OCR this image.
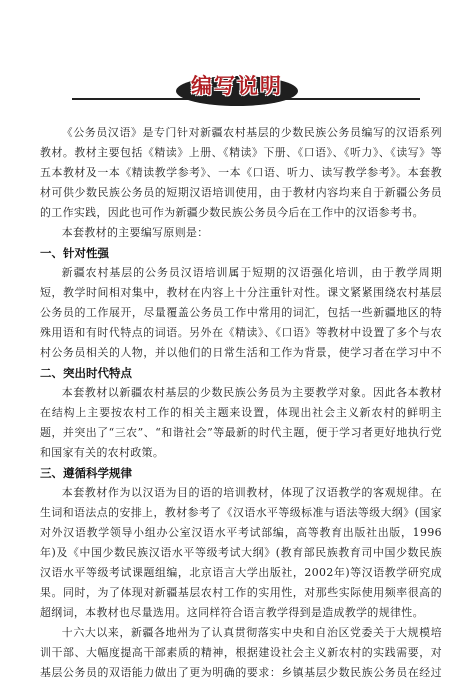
编写说明

《公务员汉语》是专门针对新疆农村基层的少数民族公务员编写的汉语系列教材。教材主要包括《精读》上册、《精读》下册、《口语》、《听力》、《读写》等五本教材及一本《精读教学参考》、一本《口语、听力、读写教学参考》。本套教材可供少数民族公务员的短期汉语培训使用，由于教材内容均来自于新疆公务员的工作实践，因此也可作为新疆少数民族公务员今后在工作中的汉语参考书。

本套教材的主要编写原则是：

一、针对性强

新疆农村基层的公务员汉语培训属于短期的汉语强化培训，由于教学周期短，教学时间相对集中，教材在内容上十分注重针对性。课文紧紧围绕农村基层公务员的工作展开，尽量覆盖公务员工作中常用的词汇，包括一些新疆地区的特殊用语和有时代特点的词语。另外在《精读》、《口语》等教材中设置了多个与农村公务员相关的人物，并以他们的日常生活和工作为背景，使学习者在学习中不

二、突出时代特点

本套教材以新疆农村基层的少数民族公务员为主要教学对象。因此各本教材在结构上主要按农村工作的相关主题来设置，体现出社会主义新农村的鲜明主题，并突出了“三农”、“和谐社会”等最新的时代主题，便于学习者更好地执行党和国家有关的农村政策。

三、遵循科学规律

本套教材作为以汉语为目的语的培训教材，体现了汉语教学的客观规律。在生词和语法点的安排上，教材参考了《汉语水平等级标准与语法等级大纲》(国家对外汉语教学领导小组办公室汉语水平考试部编，高等教育出版社出版，1996年)及《中国少数民族汉语水平等级考试大纲》(教育部民族教育司中国少数民族汉语水平等级考试课题组编，北京语言大学出版社，2002年)等汉语教学研究成果。同时，为了体现对新疆基层农村工作的实用性，对那些实际使用频率很高的超纲词，本教材也尽量选用。这同样符合语言教学得到是造成教学的规律性。

十六大以来，新疆各地州为了认真贯彻落实中央和自治区党委关于大规模培训干部、大幅度提高干部素质的精神，根据建设社会主义新农村的实践需要，对基层公务员的双语能力做出了更为明确的要求：乡镇基层少数民族公务员在经过
